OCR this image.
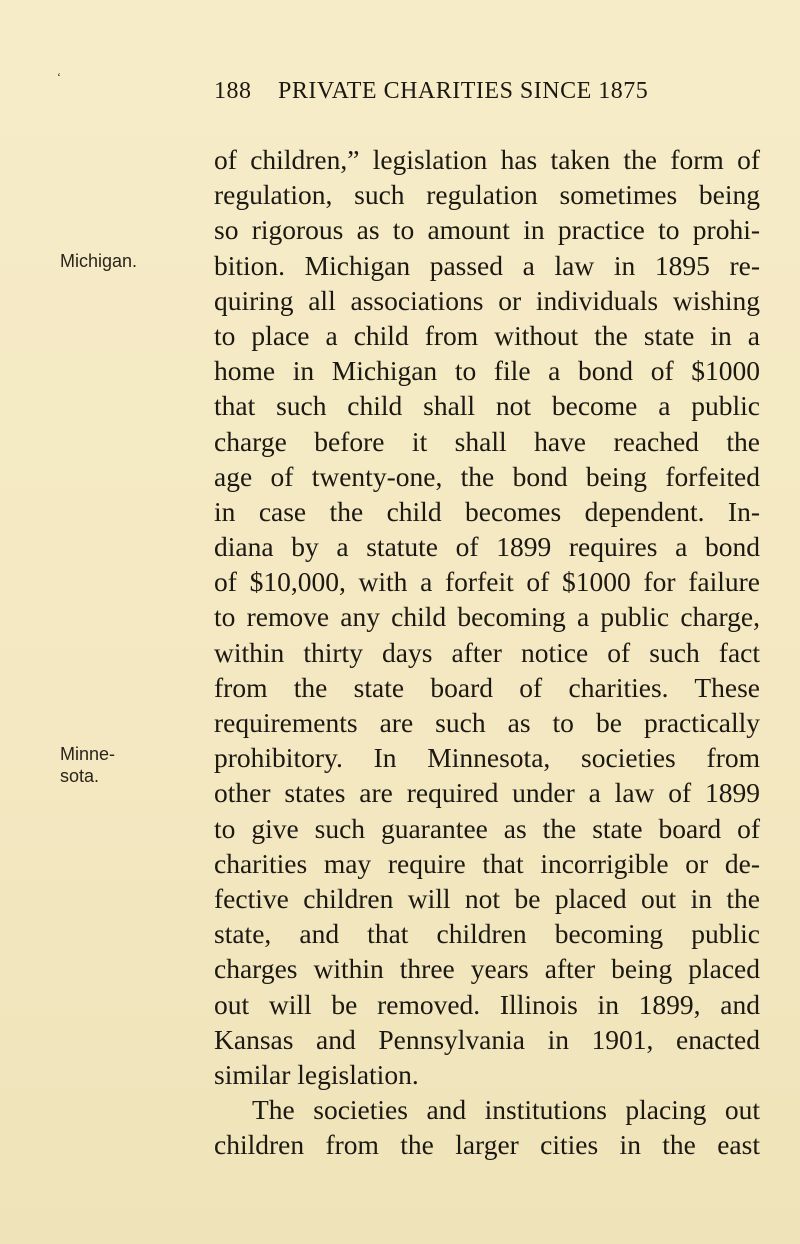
‘
188 PRIVATE CHARITIES SINCE 1875
Michigan.
Minne-
sota.
of children,” legislation has taken the form of
regulation, such regulation sometimes being
so rigorous as to amount in practice to prohi-
bition. Michigan passed a law in 1895 re-
quiring all associations or individuals wishing
to place a child from without the state in a
home in Michigan to file a bond of $1000
that such child shall not become a public
charge before it shall have reached the
age of twenty-one, the bond being forfeited
in case the child becomes dependent. In-
diana by a statute of 1899 requires a bond
of $10,000, with a forfeit of $1000 for failure
to remove any child becoming a public charge,
within thirty days after notice of such fact
from the state board of charities. These
requirements are such as to be practically
prohibitory. In Minnesota, societies from
other states are required under a law of 1899
to give such guarantee as the state board of
charities may require that incorrigible or de-
fective children will not be placed out in the
state, and that children becoming public
charges within three years after being placed
out will be removed. Illinois in 1899, and
Kansas and Pennsylvania in 1901, enacted
similar legislation.
The societies and institutions placing out
children from the larger cities in the east
